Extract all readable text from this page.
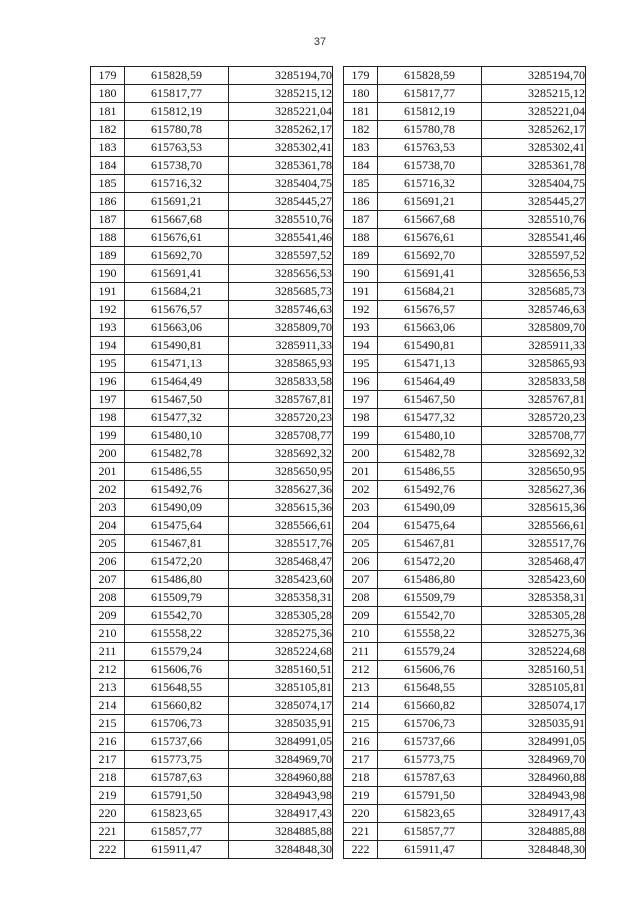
37
179	615828,59	3285194,70
180	615817,77	3285215,12
181	615812,19	3285221,04
182	615780,78	3285262,17
183	615763,53	3285302,41
184	615738,70	3285361,78
185	615716,32	3285404,75
186	615691,21	3285445,27
187	615667,68	3285510,76
188	615676,61	3285541,46
189	615692,70	3285597,52
190	615691,41	3285656,53
191	615684,21	3285685,73
192	615676,57	3285746,63
193	615663,06	3285809,70
194	615490,81	3285911,33
195	615471,13	3285865,93
196	615464,49	3285833,58
197	615467,50	3285767,81
198	615477,32	3285720,23
199	615480,10	3285708,77
200	615482,78	3285692,32
201	615486,55	3285650,95
202	615492,76	3285627,36
203	615490,09	3285615,36
204	615475,64	3285566,61
205	615467,81	3285517,76
206	615472,20	3285468,47
207	615486,80	3285423,60
208	615509,79	3285358,31
209	615542,70	3285305,28
210	615558,22	3285275,36
211	615579,24	3285224,68
212	615606,76	3285160,51
213	615648,55	3285105,81
214	615660,82	3285074,17
215	615706,73	3285035,91
216	615737,66	3284991,05
217	615773,75	3284969,70
218	615787,63	3284960,88
219	615791,50	3284943,98
220	615823,65	3284917,43
221	615857,77	3284885,88
222	615911,47	3284848,30
179	615828,59	3285194,70
180	615817,77	3285215,12
181	615812,19	3285221,04
182	615780,78	3285262,17
183	615763,53	3285302,41
184	615738,70	3285361,78
185	615716,32	3285404,75
186	615691,21	3285445,27
187	615667,68	3285510,76
188	615676,61	3285541,46
189	615692,70	3285597,52
190	615691,41	3285656,53
191	615684,21	3285685,73
192	615676,57	3285746,63
193	615663,06	3285809,70
194	615490,81	3285911,33
195	615471,13	3285865,93
196	615464,49	3285833,58
197	615467,50	3285767,81
198	615477,32	3285720,23
199	615480,10	3285708,77
200	615482,78	3285692,32
201	615486,55	3285650,95
202	615492,76	3285627,36
203	615490,09	3285615,36
204	615475,64	3285566,61
205	615467,81	3285517,76
206	615472,20	3285468,47
207	615486,80	3285423,60
208	615509,79	3285358,31
209	615542,70	3285305,28
210	615558,22	3285275,36
211	615579,24	3285224,68
212	615606,76	3285160,51
213	615648,55	3285105,81
214	615660,82	3285074,17
215	615706,73	3285035,91
216	615737,66	3284991,05
217	615773,75	3284969,70
218	615787,63	3284960,88
219	615791,50	3284943,98
220	615823,65	3284917,43
221	615857,77	3284885,88
222	615911,47	3284848,30
